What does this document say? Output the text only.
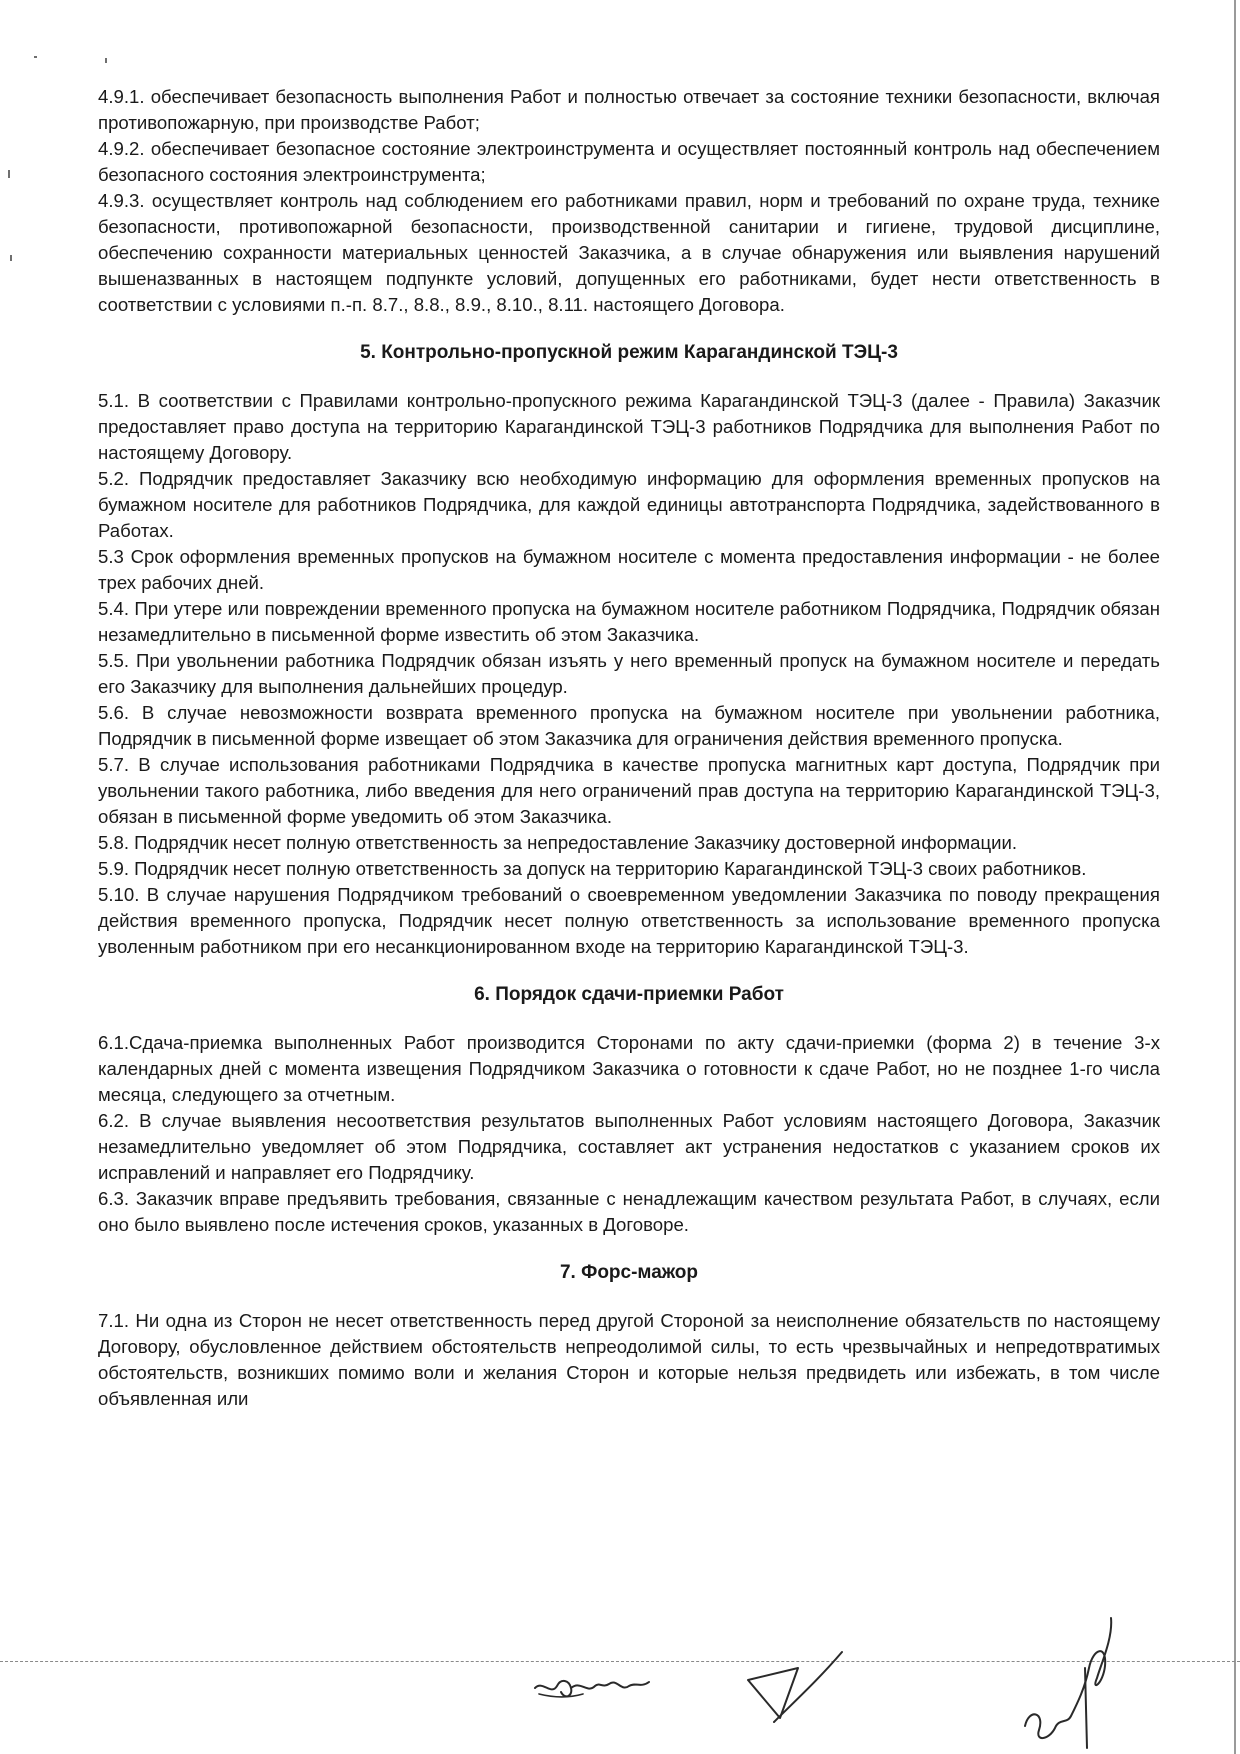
4.9.1. обеспечивает безопасность выполнения Работ и полностью отвечает за состояние техники безопасности, включая противопожарную, при производстве Работ;

4.9.2. обеспечивает безопасное состояние электроинструмента и осуществляет постоянный контроль над обеспечением безопасного состояния электроинструмента;

4.9.3. осуществляет контроль над соблюдением его работниками правил, норм и требований по охране труда, технике безопасности, противопожарной безопасности, производственной санитарии и гигиене, трудовой дисциплине, обеспечению сохранности материальных ценностей Заказчика, а в случае обнаружения или выявления нарушений вышеназванных в настоящем подпункте условий, допущенных его работниками, будет нести ответственность в соответствии с условиями п.-п. 8.7., 8.8., 8.9., 8.10., 8.11. настоящего Договора.

5. Контрольно-пропускной режим Карагандинской ТЭЦ-3

5.1. В соответствии с Правилами контрольно-пропускного режима Карагандинской ТЭЦ-3 (далее - Правила) Заказчик предоставляет право доступа на территорию Карагандинской ТЭЦ-3 работников Подрядчика для выполнения Работ по настоящему Договору.

5.2. Подрядчик предоставляет Заказчику всю необходимую информацию для оформления временных пропусков на бумажном носителе для работников Подрядчика, для каждой единицы автотранспорта Подрядчика, задействованного в Работах.

5.3 Срок оформления временных пропусков на бумажном носителе с момента предоставления информации - не более трех рабочих дней.

5.4. При утере или повреждении временного пропуска на бумажном носителе работником Подрядчика, Подрядчик обязан незамедлительно в письменной форме известить об этом Заказчика.

5.5. При увольнении работника Подрядчик обязан изъять у него временный пропуск на бумажном носителе и передать его Заказчику для выполнения дальнейших процедур.

5.6. В случае невозможности возврата временного пропуска на бумажном носителе при увольнении работника, Подрядчик в письменной форме извещает об этом Заказчика для ограничения действия временного пропуска.

5.7. В случае использования работниками Подрядчика в качестве пропуска магнитных карт доступа, Подрядчик при увольнении такого работника, либо введения для него ограничений прав доступа на территорию Карагандинской ТЭЦ-3, обязан в письменной форме уведомить об этом Заказчика.

5.8. Подрядчик несет полную ответственность за непредоставление Заказчику достоверной информации.

5.9. Подрядчик несет полную ответственность за допуск на территорию Карагандинской ТЭЦ-3 своих работников.

5.10. В случае нарушения Подрядчиком требований о своевременном уведомлении Заказчика по поводу прекращения действия временного пропуска, Подрядчик несет полную ответственность за использование временного пропуска уволенным работником при его несанкционированном входе на территорию Карагандинской ТЭЦ-3.

6. Порядок сдачи-приемки Работ

6.1.Сдача-приемка выполненных Работ производится Сторонами по акту сдачи-приемки (форма 2) в течение 3-х календарных дней с момента извещения Подрядчиком Заказчика о готовности к сдаче Работ, но не позднее 1-го числа месяца, следующего за отчетным.

6.2. В случае выявления несоответствия результатов выполненных Работ условиям настоящего Договора, Заказчик незамедлительно уведомляет об этом Подрядчика, составляет акт устранения недостатков с указанием сроков их исправлений и направляет его Подрядчику.

6.3. Заказчик вправе предъявить требования, связанные с ненадлежащим качеством результата Работ, в случаях, если оно было выявлено после истечения сроков, указанных в Договоре.

7. Форс-мажор

7.1. Ни одна из Сторон не несет ответственность перед другой Стороной за неисполнение обязательств по настоящему Договору, обусловленное действием обстоятельств непреодолимой силы, то есть чрезвычайных и непредотвратимых обстоятельств, возникших помимо воли и желания Сторон и которые нельзя предвидеть или избежать, в том числе объявленная или
